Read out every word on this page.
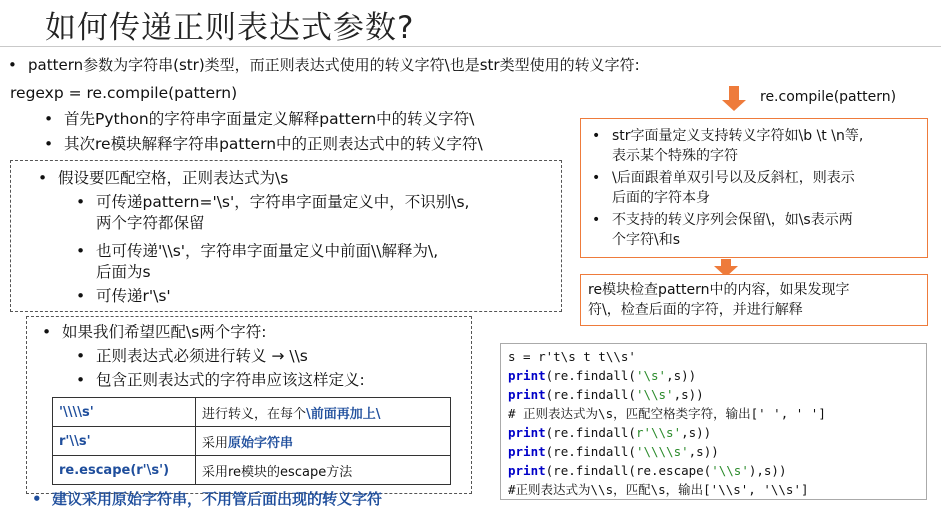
如何传递正则表达式参数?
• pattern参数为字符串(str)类型，而正则表达式使用的转义字符\也是str类型使用的转义字符:
regexp = re.compile(pattern)
• 首先Python的字符串字面量定义解释pattern中的转义字符\
• 其次re模块解释字符串pattern中的正则表达式中的转义字符\
• 假设要匹配空格，正则表达式为\s
• 可传递pattern='\s'，字符串字面量定义中，不识别\s,
两个字符都保留
• 也可传递'\\s'，字符串字面量定义中前面\\解释为\,
后面为s
• 可传递r'\s'
• 如果我们希望匹配\s两个字符:
• 正则表达式必须进行转义 → \\s
• 包含正则表达式的字符串应该这样定义:
'\\\\s'	进行转义，在每个\前面再加上\
r'\\s'	采用原始字符串
re.escape(r'\s')	采用re模块的escape方法
• 建议采用原始字符串，不用管后面出现的转义字符
re.compile(pattern)
• str字面量定义支持转义字符如\b \t \n等,
表示某个特殊的字符
• \后面跟着单双引号以及反斜杠，则表示
后面的字符本身
• 不支持的转义序列会保留\，如\s表示两
个字符\和s
re模块检查pattern中的内容，如果发现字
符\，检查后面的字符，并进行解释
s = r't\s t t\\s'
print(re.findall('\s',s))
print(re.findall('\\s',s))
# 正则表达式为\s，匹配空格类字符，输出[' ', ' ']
print(re.findall(r'\\s',s))
print(re.findall('\\\\s',s))
print(re.findall(re.escape('\\s'),s))
#正则表达式为\\s，匹配\s，输出['\\s', '\\s']
